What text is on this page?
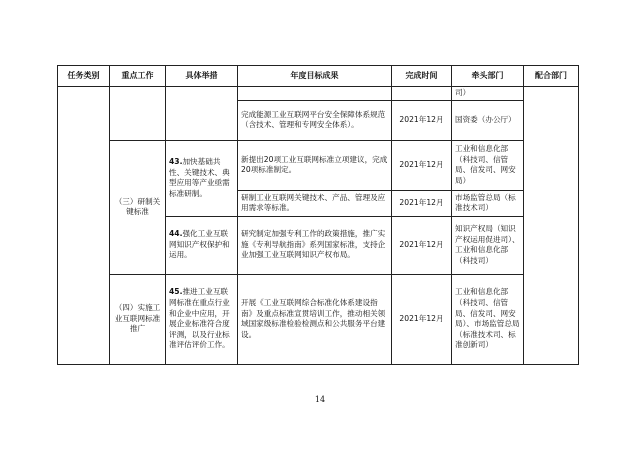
任务类别	重点工作	具体举措	年度目标成果	完成时间	牵头部门	配合部门
					司）	
			完成能源工业互联网平台安全保障体系规范（含技术、管理和专网安全体系）。	2021年12月	国资委（办公厅）	
	（三）研制关键标准	43.加快基础共性、关键技术、典型应用等产业亟需标准研制。	新提出20项工业互联网标准立项建议，完成20项标准制定。	2021年12月	工业和信息化部（科技司、信管局、信发司、网安局）	
			研制工业互联网关键技术、产品、管理及应用需求等标准。	2021年12月	市场监管总局（标准技术司）	
		44.强化工业互联网知识产权保护和运用。	研究制定加强专利工作的政策措施，推广实施《专利导航指南》系列国家标准，支持企业加强工业互联网知识产权布局。	2021年12月	知识产权局（知识产权运用促进司）、工业和信息化部（科技司）	
	（四）实施工业互联网标准推广	45.推进工业互联网标准在重点行业和企业中应用，开展企业标准符合度评测，以及行业标准评估评价工作。	开展《工业互联网综合标准化体系建设指南》及重点标准宣贯培训工作，推动相关领域国家级标准检验检测点和公共服务平台建设。	2021年12月	工业和信息化部（科技司、信管局、信发司、网安局）、市场监管总局（标准技术司、标准创新司）	
14
